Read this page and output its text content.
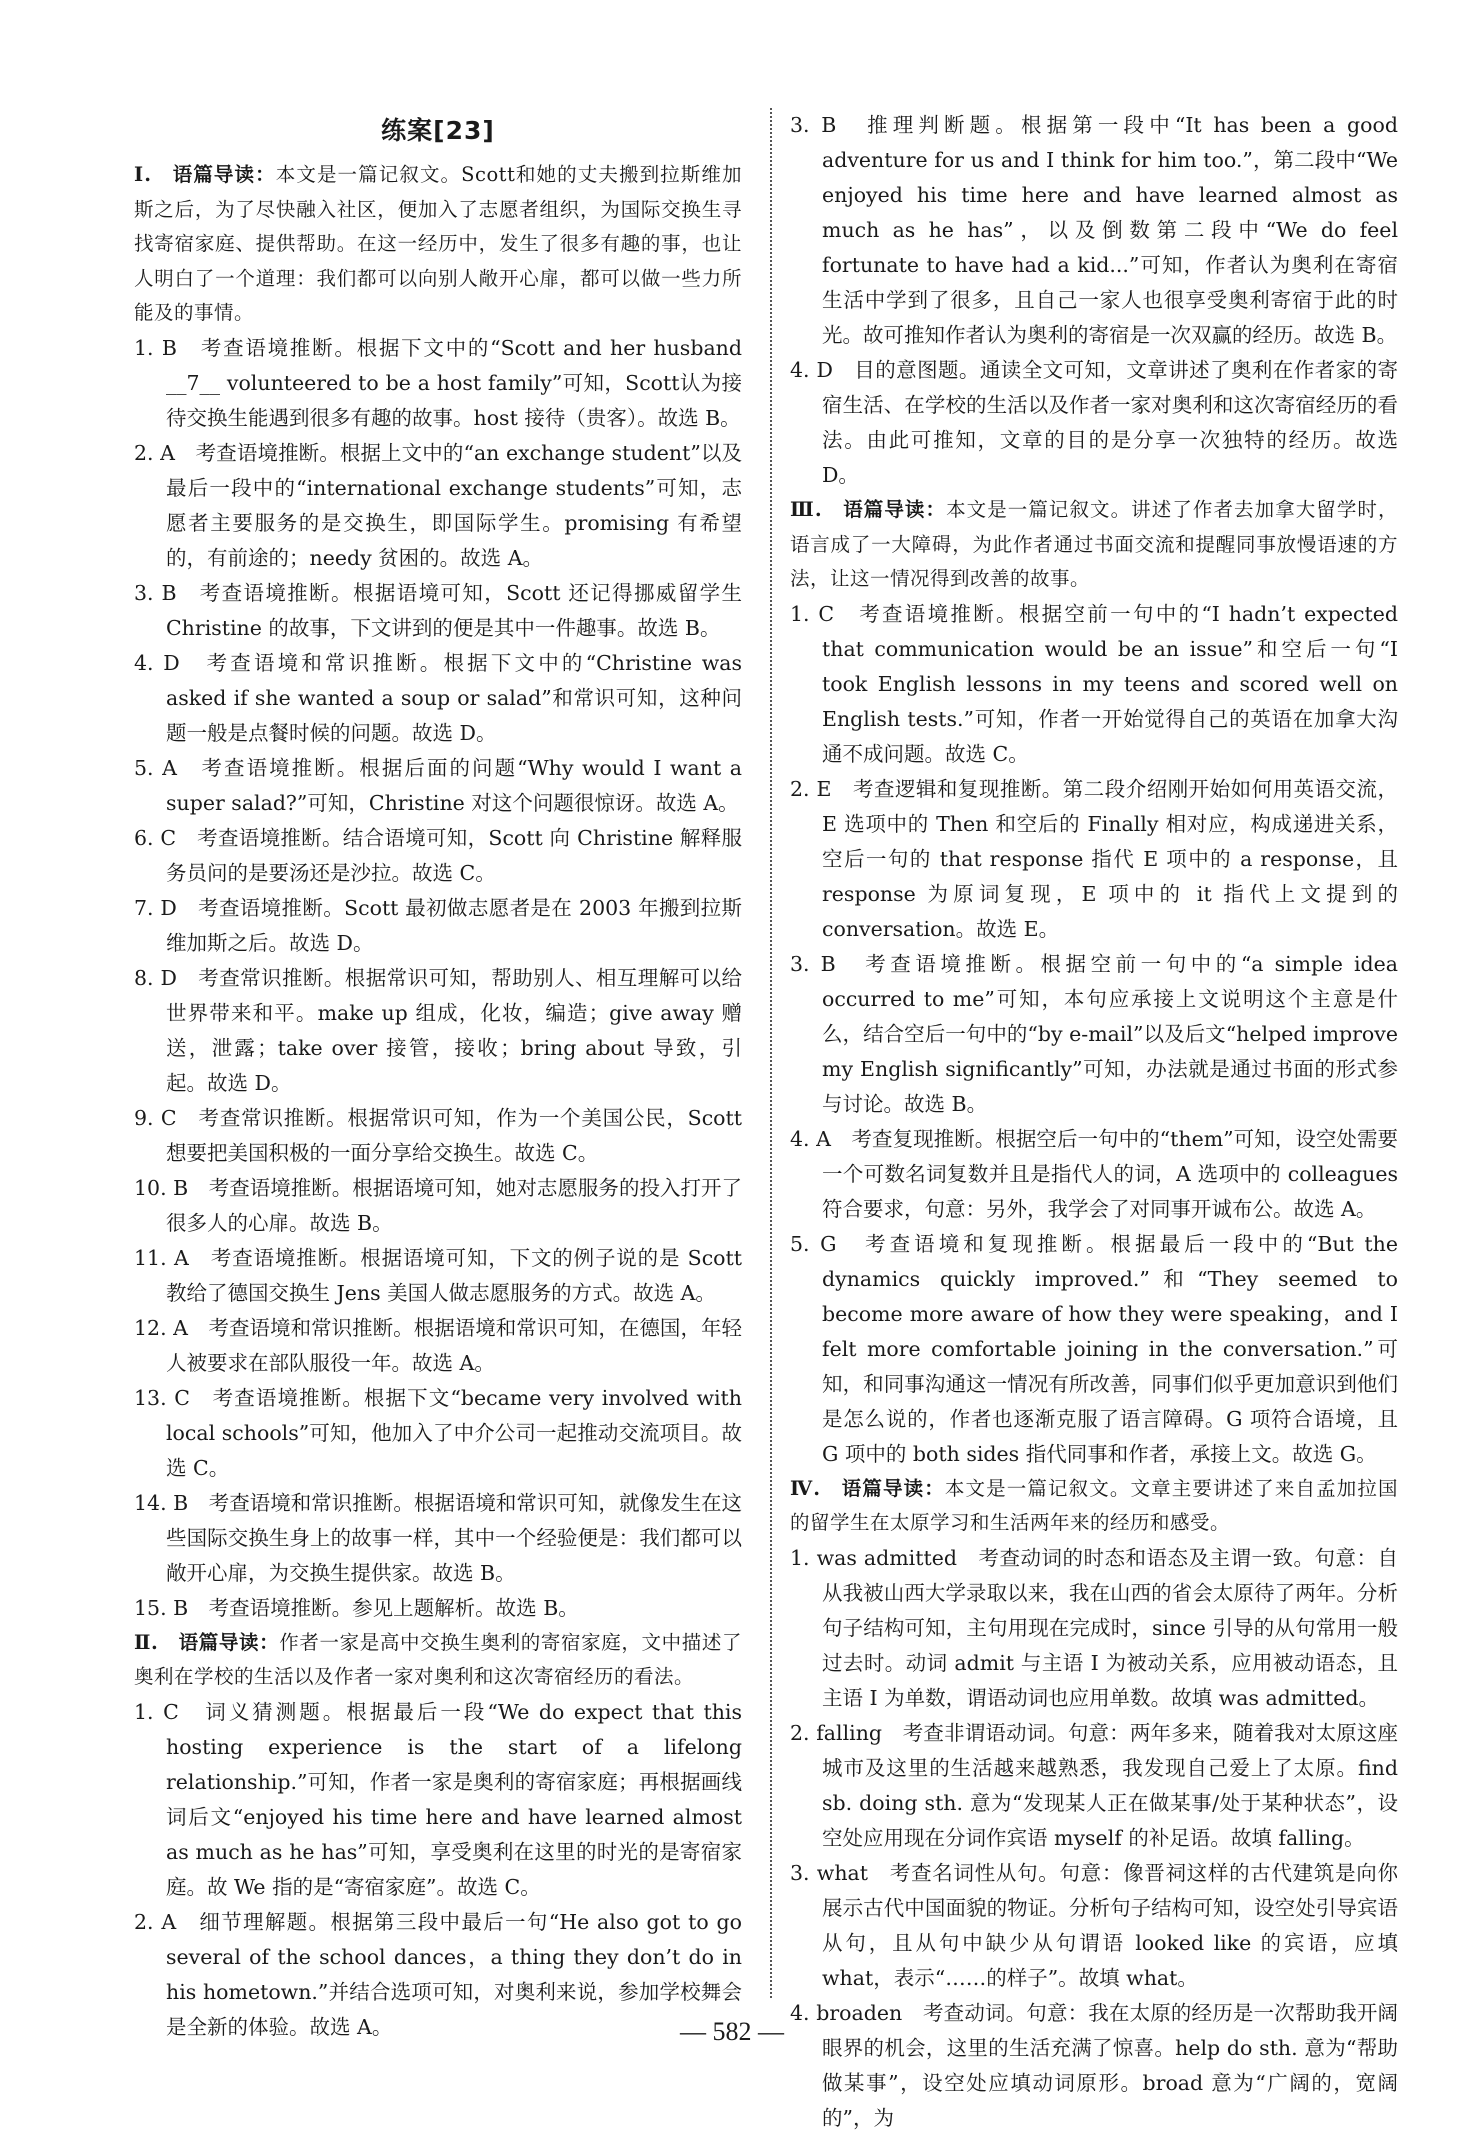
练案[23]

Ⅰ.　语篇导读：本文是一篇记叙文。Scott和她的丈夫搬到拉斯维加斯之后，为了尽快融入社区，便加入了志愿者组织，为国际交换生寻找寄宿家庭、提供帮助。在这一经历中，发生了很多有趣的事，也让人明白了一个道理：我们都可以向别人敞开心扉，都可以做一些力所能及的事情。

1. B　考查语境推断。根据下文中的“Scott and her husband __7__ volunteered to be a host family”可知，Scott认为接待交换生能遇到很多有趣的故事。host 接待（贵客）。故选 B。

2. A　考查语境推断。根据上文中的“an exchange student”以及最后一段中的“international exchange students”可知，志愿者主要服务的是交换生，即国际学生。promising 有希望的，有前途的；needy 贫困的。故选 A。

3. B　考查语境推断。根据语境可知，Scott 还记得挪威留学生 Christine 的故事，下文讲到的便是其中一件趣事。故选 B。

4. D　考查语境和常识推断。根据下文中的“Christine was asked if she wanted a soup or salad”和常识可知，这种问题一般是点餐时候的问题。故选 D。

5. A　考查语境推断。根据后面的问题“Why would I want a super salad?”可知，Christine 对这个问题很惊讶。故选 A。

6. C　考查语境推断。结合语境可知，Scott 向 Christine 解释服务员问的是要汤还是沙拉。故选 C。

7. D　考查语境推断。Scott 最初做志愿者是在 2003 年搬到拉斯维加斯之后。故选 D。

8. D　考查常识推断。根据常识可知，帮助别人、相互理解可以给世界带来和平。make up 组成，化妆，编造；give away 赠送，泄露；take over 接管，接收；bring about 导致，引起。故选 D。

9. C　考查常识推断。根据常识可知，作为一个美国公民，Scott 想要把美国积极的一面分享给交换生。故选 C。

10. B　考查语境推断。根据语境可知，她对志愿服务的投入打开了很多人的心扉。故选 B。

11. A　考查语境推断。根据语境可知，下文的例子说的是 Scott 教给了德国交换生 Jens 美国人做志愿服务的方式。故选 A。

12. A　考查语境和常识推断。根据语境和常识可知，在德国，年轻人被要求在部队服役一年。故选 A。

13. C　考查语境推断。根据下文“became very involved with local schools”可知，他加入了中介公司一起推动交流项目。故选 C。

14. B　考查语境和常识推断。根据语境和常识可知，就像发生在这些国际交换生身上的故事一样，其中一个经验便是：我们都可以敞开心扉，为交换生提供家。故选 B。

15. B　考查语境推断。参见上题解析。故选 B。

Ⅱ.　语篇导读：作者一家是高中交换生奥利的寄宿家庭，文中描述了奥利在学校的生活以及作者一家对奥利和这次寄宿经历的看法。

1. C　词义猜测题。根据最后一段“We do expect that this hosting experience is the start of a lifelong relationship.”可知，作者一家是奥利的寄宿家庭；再根据画线词后文“enjoyed his time here and have learned almost as much as he has”可知，享受奥利在这里的时光的是寄宿家庭。故 We 指的是“寄宿家庭”。故选 C。

2. A　细节理解题。根据第三段中最后一句“He also got to go several of the school dances，a thing they don’t do in his hometown.”并结合选项可知，对奥利来说，参加学校舞会是全新的体验。故选 A。

3. B　推理判断题。根据第一段中“It has been a good adventure for us and I think for him too.”，第二段中“We enjoyed his time here and have learned almost as much as he has”，以及倒数第二段中“We do feel fortunate to have had a kid...”可知，作者认为奥利在寄宿生活中学到了很多，且自己一家人也很享受奥利寄宿于此的时光。故可推知作者认为奥利的寄宿是一次双赢的经历。故选 B。

4. D　目的意图题。通读全文可知，文章讲述了奥利在作者家的寄宿生活、在学校的生活以及作者一家对奥利和这次寄宿经历的看法。由此可推知，文章的目的是分享一次独特的经历。故选 D。

Ⅲ.　语篇导读：本文是一篇记叙文。讲述了作者去加拿大留学时，语言成了一大障碍，为此作者通过书面交流和提醒同事放慢语速的方法，让这一情况得到改善的故事。

1. C　考查语境推断。根据空前一句中的“I hadn’t expected that communication would be an issue”和空后一句“I took English lessons in my teens and scored well on English tests.”可知，作者一开始觉得自己的英语在加拿大沟通不成问题。故选 C。

2. E　考查逻辑和复现推断。第二段介绍刚开始如何用英语交流，E 选项中的 Then 和空后的 Finally 相对应，构成递进关系，空后一句的 that response 指代 E 项中的 a response，且 response 为原词复现，E 项中的 it 指代上文提到的 conversation。故选 E。

3. B　考查语境推断。根据空前一句中的“a simple idea occurred to me”可知，本句应承接上文说明这个主意是什么，结合空后一句中的“by e-mail”以及后文“helped improve my English significantly”可知，办法就是通过书面的形式参与讨论。故选 B。

4. A　考查复现推断。根据空后一句中的“them”可知，设空处需要一个可数名词复数并且是指代人的词，A 选项中的 colleagues 符合要求，句意：另外，我学会了对同事开诚布公。故选 A。

5. G　考查语境和复现推断。根据最后一段中的“But the dynamics quickly improved.”和“They seemed to become more aware of how they were speaking，and I felt more comfortable joining in the conversation.”可知，和同事沟通这一情况有所改善，同事们似乎更加意识到他们是怎么说的，作者也逐渐克服了语言障碍。G 项符合语境，且 G 项中的 both sides 指代同事和作者，承接上文。故选 G。

Ⅳ.　语篇导读：本文是一篇记叙文。文章主要讲述了来自孟加拉国的留学生在太原学习和生活两年来的经历和感受。

1. was admitted　考查动词的时态和语态及主谓一致。句意：自从我被山西大学录取以来，我在山西的省会太原待了两年。分析句子结构可知，主句用现在完成时，since 引导的从句常用一般过去时。动词 admit 与主语 I 为被动关系，应用被动语态，且主语 I 为单数，谓语动词也应用单数。故填 was admitted。

2. falling　考查非谓语动词。句意：两年多来，随着我对太原这座城市及这里的生活越来越熟悉，我发现自己爱上了太原。find sb. doing sth. 意为“发现某人正在做某事/处于某种状态”，设空处应用现在分词作宾语 myself 的补足语。故填 falling。

3. what　考查名词性从句。句意：像晋祠这样的古代建筑是向你展示古代中国面貌的物证。分析句子结构可知，设空处引导宾语从句，且从句中缺少从句谓语 looked like 的宾语，应填 what，表示“……的样子”。故填 what。

4. broaden　考查动词。句意：我在太原的经历是一次帮助我开阔眼界的机会，这里的生活充满了惊喜。help do sth. 意为“帮助做某事”，设空处应填动词原形。broad 意为“广阔的，宽阔的”，为

— 582 —
